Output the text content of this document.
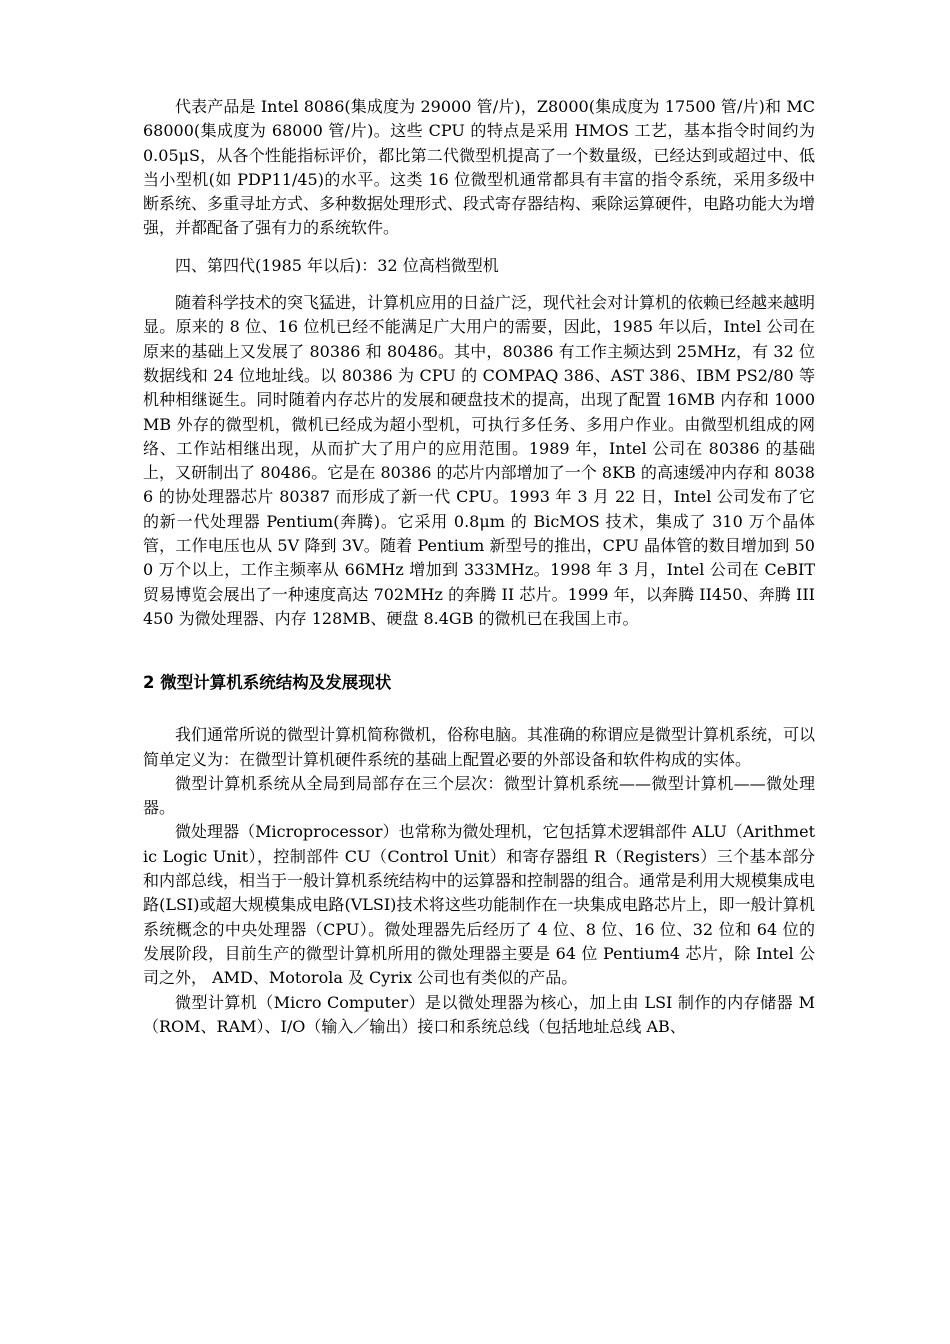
代表产品是 Intel 8086(集成度为 29000 管/片)，Z8000(集成度为 17500 管/片)和 MC68000(集成度为 68000 管/片)。这些 CPU 的特点是采用 HMOS 工艺，基本指令时间约为 0.05μS，从各个性能指标评价，都比第二代微型机提高了一个数量级，已经达到或超过中、低当小型机(如 PDP11/45)的水平。这类 16 位微型机通常都具有丰富的指令系统，采用多级中断系统、多重寻址方式、多种数据处理形式、段式寄存器结构、乘除运算硬件，电路功能大为增强，并都配备了强有力的系统软件。

四、第四代(1985 年以后)：32 位高档微型机

随着科学技术的突飞猛进，计算机应用的日益广泛，现代社会对计算机的依赖已经越来越明显。原来的 8 位、16 位机已经不能满足广大用户的需要，因此，1985 年以后，Intel 公司在原来的基础上又发展了 80386 和 80486。其中，80386 有工作主频达到 25MHz，有 32 位数据线和 24 位地址线。以 80386 为 CPU 的 COMPAQ 386、AST 386、IBM PS2/80 等机种相继诞生。同时随着内存芯片的发展和硬盘技术的提高，出现了配置 16MB 内存和 1000MB 外存的微型机，微机已经成为超小型机，可执行多任务、多用户作业。由微型机组成的网络、工作站相继出现，从而扩大了用户的应用范围。1989 年，Intel 公司在 80386 的基础上，又研制出了 80486。它是在 80386 的芯片内部增加了一个 8KB 的高速缓冲内存和 80386 的协处理器芯片 80387 而形成了新一代 CPU。1993 年 3 月 22 日，Intel 公司发布了它的新一代处理器 Pentium(奔腾)。它采用 0.8μm 的 BicMOS 技术，集成了 310 万个晶体管，工作电压也从 5V 降到 3V。随着 Pentium 新型号的推出，CPU 晶体管的数目增加到 500 万个以上，工作主频率从 66MHz 增加到 333MHz。1998 年 3 月，Intel 公司在 CeBIT 贸易博览会展出了一种速度高达 702MHz 的奔腾 II 芯片。1999 年，以奔腾 II450、奔腾 III450 为微处理器、内存 128MB、硬盘 8.4GB 的微机已在我国上市。

2 微型计算机系统结构及发展现状

我们通常所说的微型计算机简称微机，俗称电脑。其准确的称谓应是微型计算机系统，可以简单定义为：在微型计算机硬件系统的基础上配置必要的外部设备和软件构成的实体。

微型计算机系统从全局到局部存在三个层次：微型计算机系统——微型计算机——微处理器。

微处理器（Microprocessor）也常称为微处理机，它包括算术逻辑部件 ALU（Arithmetic Logic Unit），控制部件 CU（Control Unit）和寄存器组 R（Registers）三个基本部分和内部总线，相当于一般计算机系统结构中的运算器和控制器的组合。通常是利用大规模集成电路(LSI)或超大规模集成电路(VLSI)技术将这些功能制作在一块集成电路芯片上，即一般计算机系统概念的中央处理器（CPU）。微处理器先后经历了 4 位、8 位、16 位、32 位和 64 位的发展阶段，目前生产的微型计算机所用的微处理器主要是 64 位 Pentium4 芯片，除 Intel 公司之外， AMD、Motorola 及 Cyrix 公司也有类似的产品。

微型计算机（Micro Computer）是以微处理器为核心，加上由 LSI 制作的内存储器 M（ROM、RAM）、I/O（输入／输出）接口和系统总线（包括地址总线 AB、
